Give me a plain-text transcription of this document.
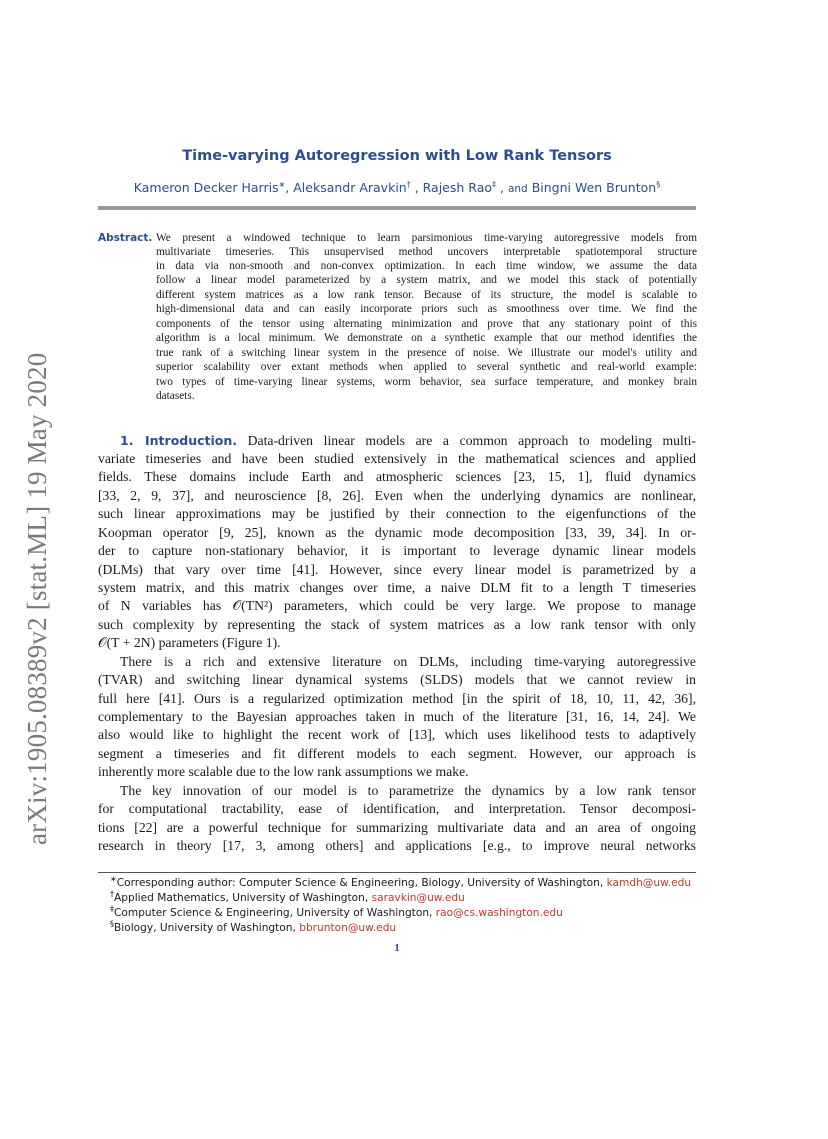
arXiv:1905.08389v2 [stat.ML] 19 May 2020
Time-varying Autoregression with Low Rank Tensors
Kameron Decker Harris∗, Aleksandr Aravkin† , Rajesh Rao‡ , and Bingni Wen Brunton§
Abstract. We present a windowed technique to learn parsimonious time-varying autoregressive models from
multivariate timeseries. This unsupervised method uncovers interpretable spatiotemporal structure
in data via non-smooth and non-convex optimization. In each time window, we assume the data
follow a linear model parameterized by a system matrix, and we model this stack of potentially
different system matrices as a low rank tensor. Because of its structure, the model is scalable to
high-dimensional data and can easily incorporate priors such as smoothness over time. We find the
components of the tensor using alternating minimization and prove that any stationary point of this
algorithm is a local minimum. We demonstrate on a synthetic example that our method identifies the
true rank of a switching linear system in the presence of noise. We illustrate our model's utility and
superior scalability over extant methods when applied to several synthetic and real-world example:
two types of time-varying linear systems, worm behavior, sea surface temperature, and monkey brain
datasets.
1. Introduction. Data-driven linear models are a common approach to modeling multi-
variate timeseries and have been studied extensively in the mathematical sciences and applied
fields. These domains include Earth and atmospheric sciences [23, 15, 1], fluid dynamics
[33, 2, 9, 37], and neuroscience [8, 26]. Even when the underlying dynamics are nonlinear,
such linear approximations may be justified by their connection to the eigenfunctions of the
Koopman operator [9, 25], known as the dynamic mode decomposition [33, 39, 34]. In or-
der to capture non-stationary behavior, it is important to leverage dynamic linear models
(DLMs) that vary over time [41]. However, since every linear model is parametrized by a
system matrix, and this matrix changes over time, a naive DLM fit to a length T timeseries
of N variables has 𝒪(TN²) parameters, which could be very large. We propose to manage
such complexity by representing the stack of system matrices as a low rank tensor with only
𝒪(T + 2N) parameters (Figure 1).
There is a rich and extensive literature on DLMs, including time-varying autoregressive
(TVAR) and switching linear dynamical systems (SLDS) models that we cannot review in
full here [41]. Ours is a regularized optimization method [in the spirit of 18, 10, 11, 42, 36],
complementary to the Bayesian approaches taken in much of the literature [31, 16, 14, 24]. We
also would like to highlight the recent work of [13], which uses likelihood tests to adaptively
segment a timeseries and fit different models to each segment. However, our approach is
inherently more scalable due to the low rank assumptions we make.
The key innovation of our model is to parametrize the dynamics by a low rank tensor
for computational tractability, ease of identification, and interpretation. Tensor decomposi-
tions [22] are a powerful technique for summarizing multivariate data and an area of ongoing
research in theory [17, 3, among others] and applications [e.g., to improve neural networks
∗Corresponding author: Computer Science & Engineering, Biology, University of Washington, kamdh@uw.edu
†Applied Mathematics, University of Washington, saravkin@uw.edu
‡Computer Science & Engineering, University of Washington, rao@cs.washington.edu
§Biology, University of Washington, bbrunton@uw.edu
1
